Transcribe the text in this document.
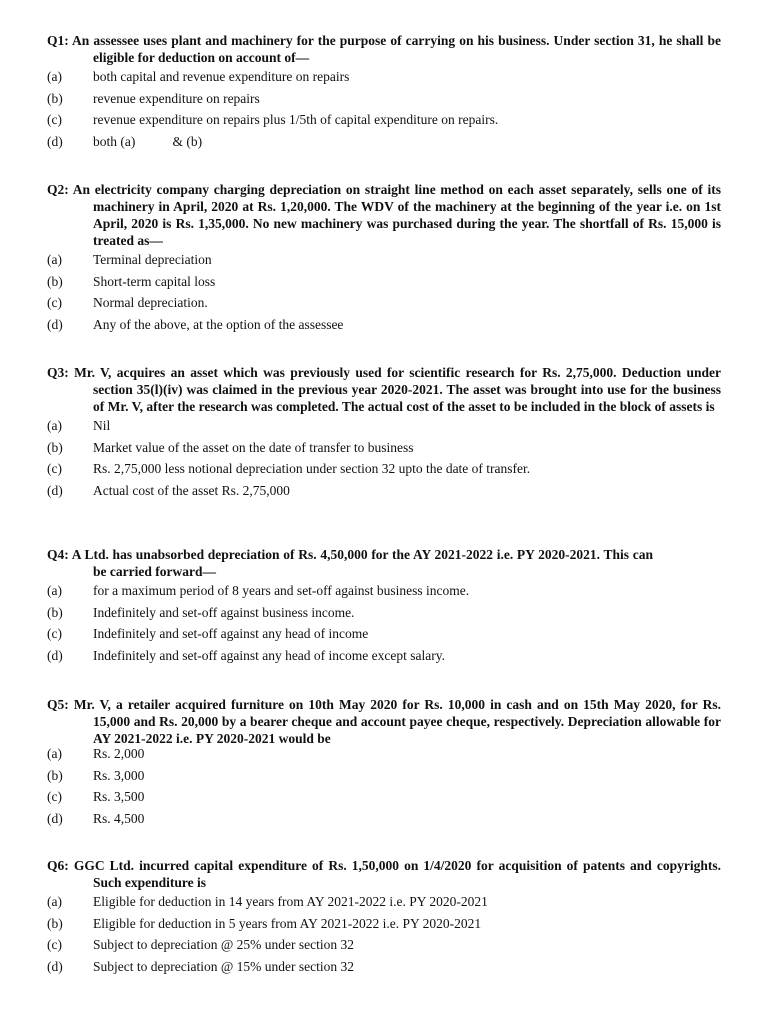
Q1: An assessee uses plant and machinery for the purpose of carrying on his business. Under section 31, he shall be eligible for deduction on account of—
(a) both capital and revenue expenditure on repairs
(b) revenue expenditure on repairs
(c) revenue expenditure on repairs plus 1/5th of capital expenditure on repairs.
(d) both (a)           & (b)
Q2: An electricity company charging depreciation on straight line method on each asset separately, sells one of its machinery in April, 2020 at Rs. 1,20,000. The WDV of the machinery at the beginning of the year i.e. on 1st April, 2020 is Rs. 1,35,000. No new machinery was purchased during the year. The shortfall of Rs. 15,000 is treated as—
(a) Terminal depreciation
(b) Short-term capital loss
(c) Normal depreciation.
(d) Any of the above, at the option of the assessee
Q3: Mr. V, acquires an asset which was previously used for scientific research for Rs. 2,75,000. Deduction under section 35(l)(iv) was claimed in the previous year 2020-2021. The asset was brought into use for the business of Mr. V, after the research was completed. The actual cost of the asset to be included in the block of assets is
(a) Nil
(b) Market value of the asset on the date of transfer to business
(c) Rs. 2,75,000 less notional depreciation under section 32 upto the date of transfer.
(d) Actual cost of the asset Rs. 2,75,000
Q4: A Ltd. has unabsorbed depreciation of Rs. 4,50,000 for the AY 2021-2022 i.e. PY 2020-2021. This can be carried forward—
(a) for a maximum period of 8 years and set-off against business income.
(b) Indefinitely and set-off against business income.
(c) Indefinitely and set-off against any head of income
(d) Indefinitely and set-off against any head of income except salary.
Q5: Mr. V, a retailer acquired furniture on 10th May 2020 for Rs. 10,000 in cash and on 15th May 2020, for Rs. 15,000 and Rs. 20,000 by a bearer cheque and account payee cheque, respectively. Depreciation allowable for AY 2021-2022 i.e. PY 2020-2021 would be
(a) Rs. 2,000
(b) Rs. 3,000
(c) Rs. 3,500
(d) Rs. 4,500
Q6: GGC Ltd. incurred capital expenditure of Rs. 1,50,000 on 1/4/2020 for acquisition of patents and copyrights. Such expenditure is
(a) Eligible for deduction in 14 years from AY 2021-2022 i.e. PY 2020-2021
(b) Eligible for deduction in 5 years from AY 2021-2022 i.e. PY 2020-2021
(c) Subject to depreciation @ 25% under section 32
(d) Subject to depreciation @ 15% under section 32
